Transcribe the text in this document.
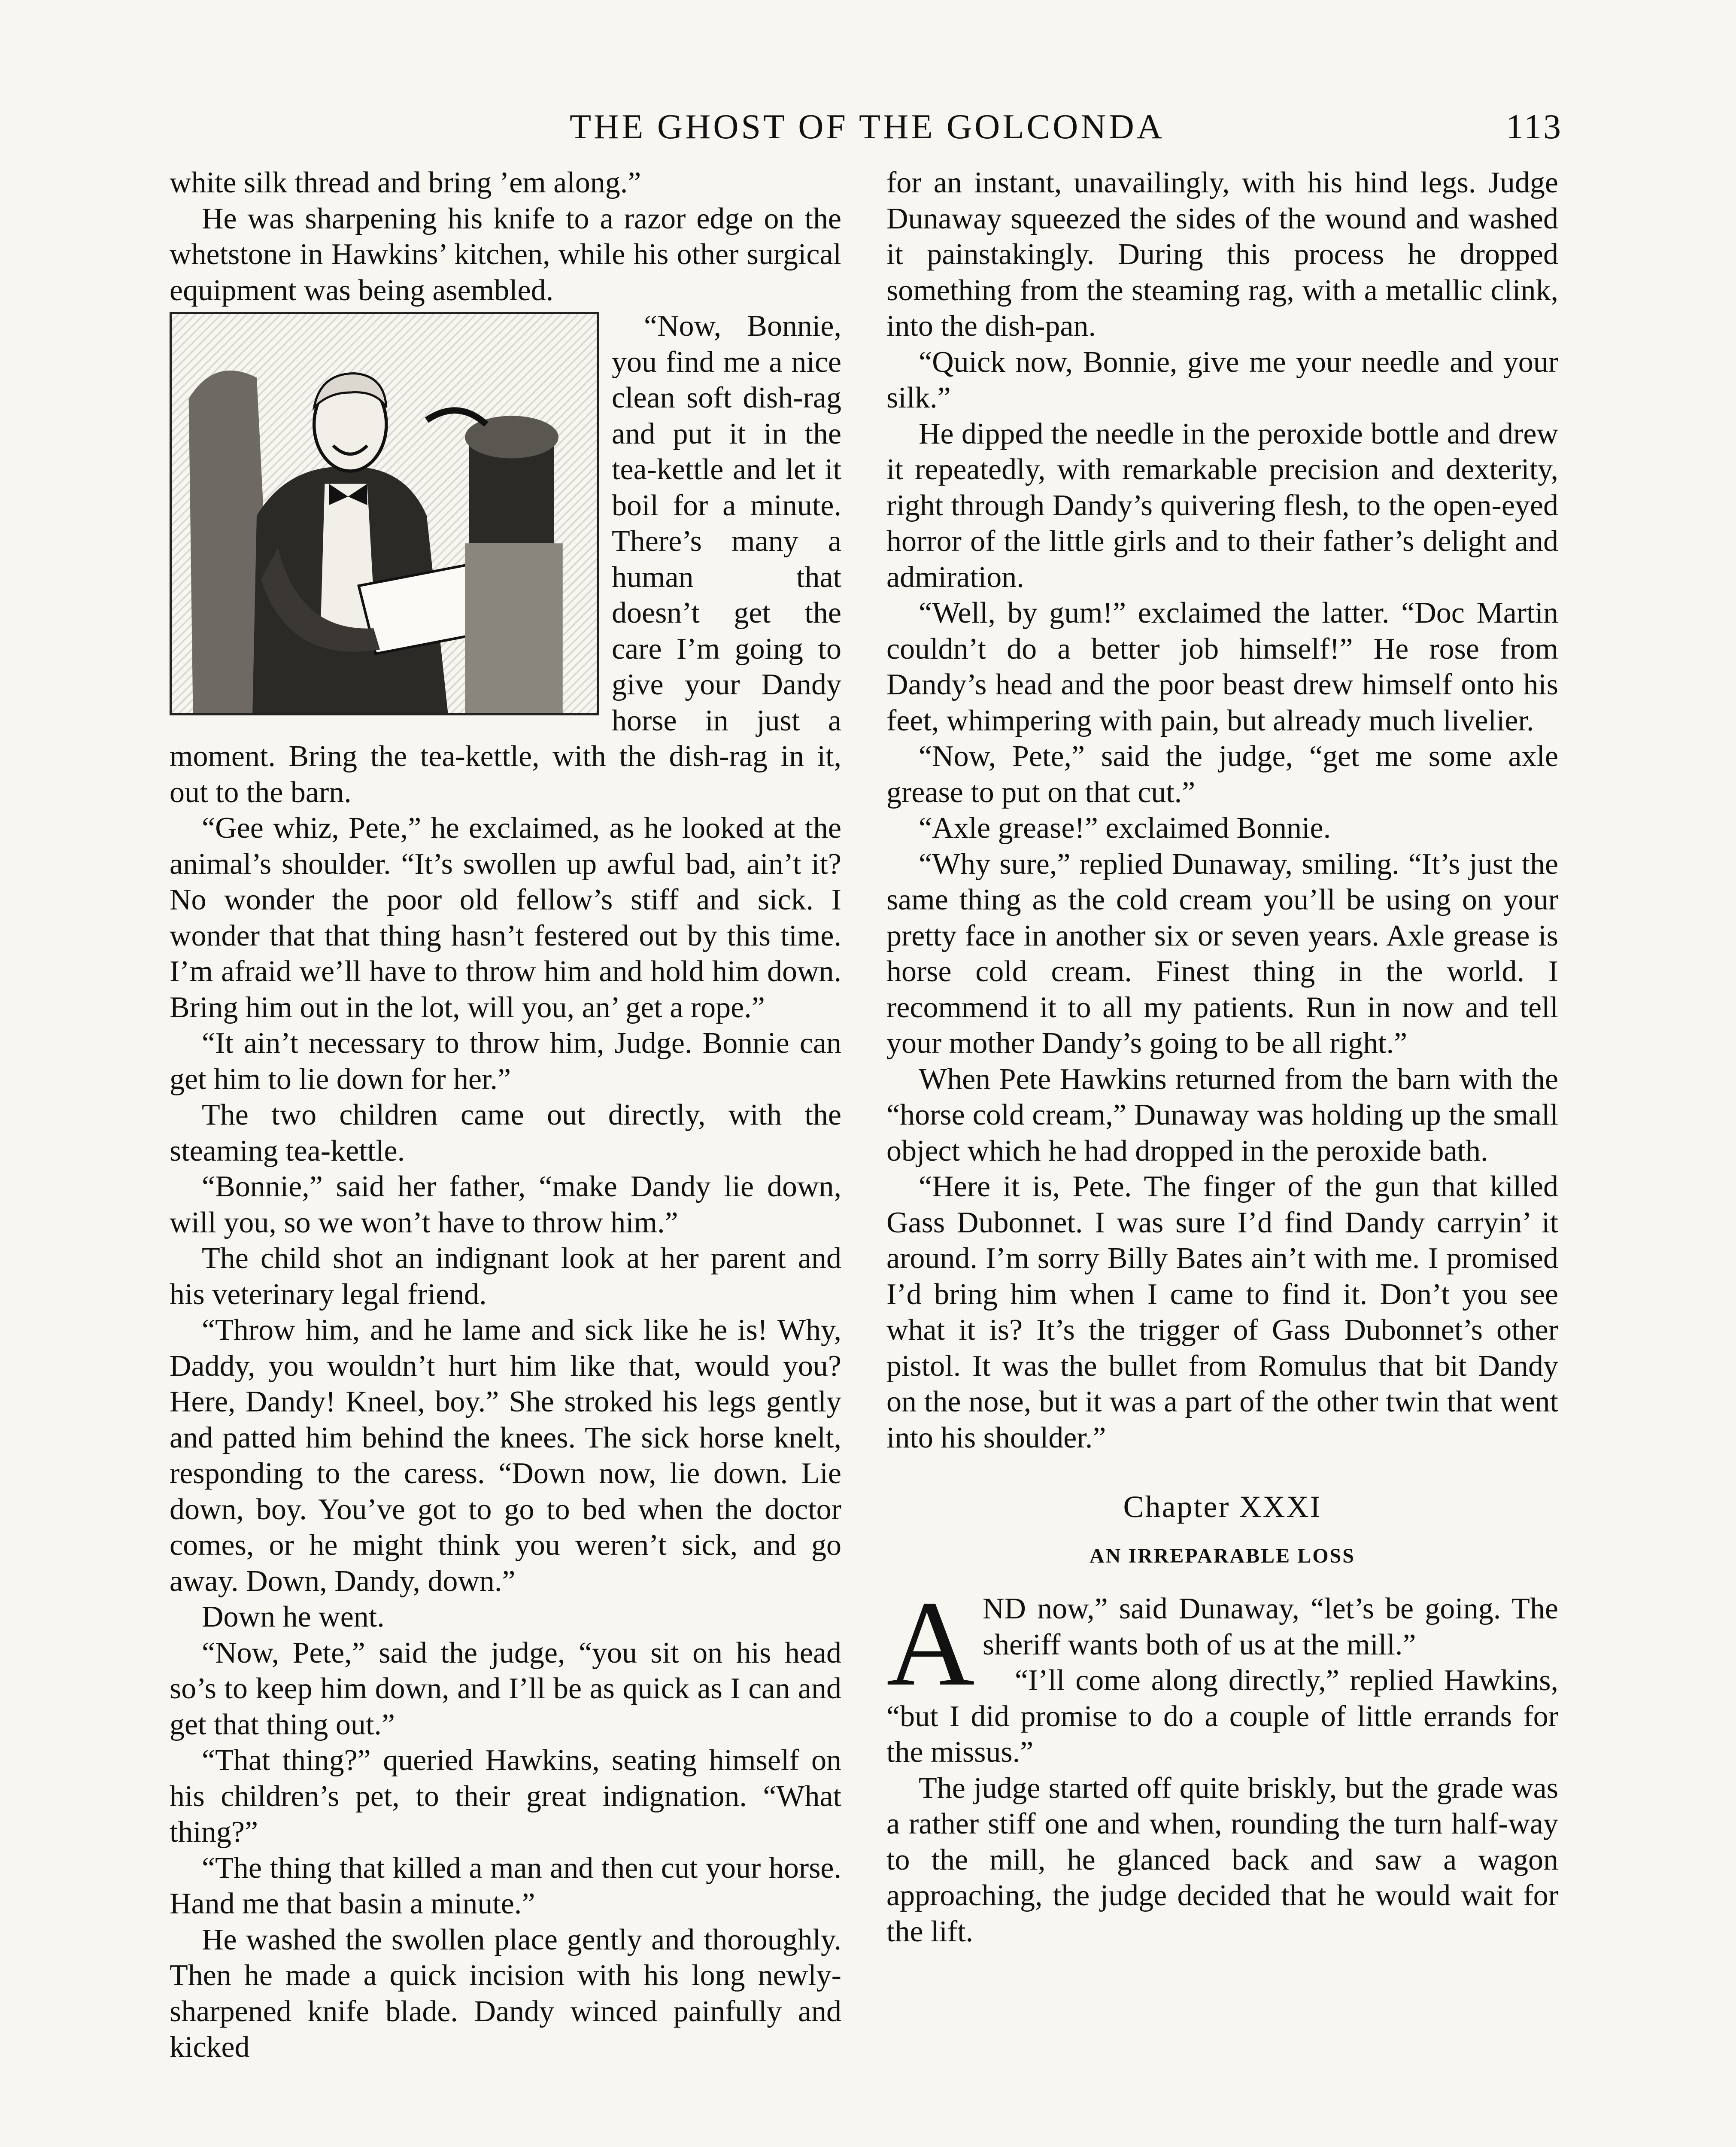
THE GHOST OF THE GOLCONDA	113

white silk thread and bring ’em along.”

He was sharpening his knife to a razor edge on the whetstone in Hawkins’ kitchen, while his other surgical equipment was being asembled.

“Now, Bonnie, you find me a nice clean soft dish-rag and put it in the tea-kettle and let it boil for a minute. There’s many a human that doesn’t get the care I’m going to give your Dandy horse in just a moment. Bring the tea-kettle, with the dish-rag in it, out to the barn.

“Gee whiz, Pete,” he exclaimed, as he looked at the animal’s shoulder. “It’s swollen up awful bad, ain’t it? No wonder the poor old fellow’s stiff and sick. I wonder that that thing hasn’t festered out by this time. I’m afraid we’ll have to throw him and hold him down. Bring him out in the lot, will you, an’ get a rope.”

“It ain’t necessary to throw him, Judge. Bonnie can get him to lie down for her.”

The two children came out directly, with the steaming tea-kettle.

“Bonnie,” said her father, “make Dandy lie down, will you, so we won’t have to throw him.”

The child shot an indignant look at her parent and his veterinary legal friend.

“Throw him, and he lame and sick like he is! Why, Daddy, you wouldn’t hurt him like that, would you? Here, Dandy! Kneel, boy.” She stroked his legs gently and patted him behind the knees. The sick horse knelt, responding to the caress. “Down now, lie down. Lie down, boy. You’ve got to go to bed when the doctor comes, or he might think you weren’t sick, and go away. Down, Dandy, down.”

Down he went.

“Now, Pete,” said the judge, “you sit on his head so’s to keep him down, and I’ll be as quick as I can and get that thing out.”

“That thing?” queried Hawkins, seating himself on his children’s pet, to their great indignation. “What thing?”

“The thing that killed a man and then cut your horse. Hand me that basin a minute.”

He washed the swollen place gently and thoroughly. Then he made a quick incision with his long newly-sharpened knife blade. Dandy winced painfully and kicked

for an instant, unavailingly, with his hind legs. Judge Dunaway squeezed the sides of the wound and washed it painstakingly. During this process he dropped something from the steaming rag, with a metallic clink, into the dish-pan.

“Quick now, Bonnie, give me your needle and your silk.”

He dipped the needle in the peroxide bottle and drew it repeatedly, with remarkable precision and dexterity, right through Dandy’s quivering flesh, to the open-eyed horror of the little girls and to their father’s delight and admiration.

“Well, by gum!” exclaimed the latter. “Doc Martin couldn’t do a better job himself!” He rose from Dandy’s head and the poor beast drew himself onto his feet, whimpering with pain, but already much livelier.

“Now, Pete,” said the judge, “get me some axle grease to put on that cut.”

“Axle grease!” exclaimed Bonnie.

“Why sure,” replied Dunaway, smiling. “It’s just the same thing as the cold cream you’ll be using on your pretty face in another six or seven years. Axle grease is horse cold cream. Finest thing in the world. I recommend it to all my patients. Run in now and tell your mother Dandy’s going to be all right.”

When Pete Hawkins returned from the barn with the “horse cold cream,” Dunaway was holding up the small object which he had dropped in the peroxide bath.

“Here it is, Pete. The finger of the gun that killed Gass Dubonnet. I was sure I’d find Dandy carryin’ it around. I’m sorry Billy Bates ain’t with me. I promised I’d bring him when I came to find it. Don’t you see what it is? It’s the trigger of Gass Dubonnet’s other pistol. It was the bullet from Romulus that bit Dandy on the nose, but it was a part of the other twin that went into his shoulder.”

Chapter XXXI
AN IRREPARABLE LOSS

AND now,” said Dunaway, “let’s be going. The sheriff wants both of us at the mill.”

“I’ll come along directly,” replied Hawkins, “but I did promise to do a couple of little errands for the missus.”

The judge started off quite briskly, but the grade was a rather stiff one and when, rounding the turn half-way to the mill, he glanced back and saw a wagon approaching, the judge decided that he would wait for the lift.
